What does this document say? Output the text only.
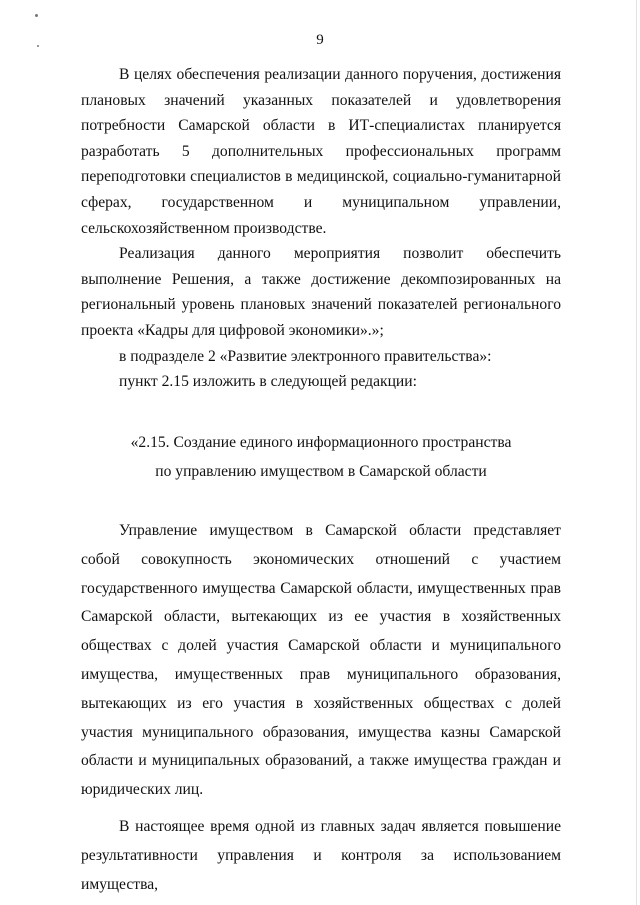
9

В целях обеспечения реализации данного поручения, достижения плановых значений указанных показателей и удовлетворения потребности Самарской области в ИТ-специалистах планируется разработать 5 дополнительных профессиональных программ переподготовки специалистов в медицинской, социально-гуманитарной сферах, государственном и муниципальном управлении, сельскохозяйственном производстве.

Реализация данного мероприятия позволит обеспечить выполнение Решения, а также достижение декомпозированных на региональный уровень плановых значений показателей регионального проекта «Кадры для цифровой экономики».»;

в подразделе 2 «Развитие электронного правительства»:

пункт 2.15 изложить в следующей редакции:

«2.15. Создание единого информационного пространства
по управлению имуществом в Самарской области

Управление имуществом в Самарской области представляет собой совокупность экономических отношений с участием государственного имущества Самарской области, имущественных прав Самарской области, вытекающих из ее участия в хозяйственных обществах с долей участия Самарской области и муниципального имущества, имущественных прав муниципального образования, вытекающих из его участия в хозяйственных обществах с долей участия муниципального образования, имущества казны Самарской области и муниципальных образований, а также имущества граждан и юридических лиц.

В настоящее время одной из главных задач является повышение результативности управления и контроля за использованием имущества,
